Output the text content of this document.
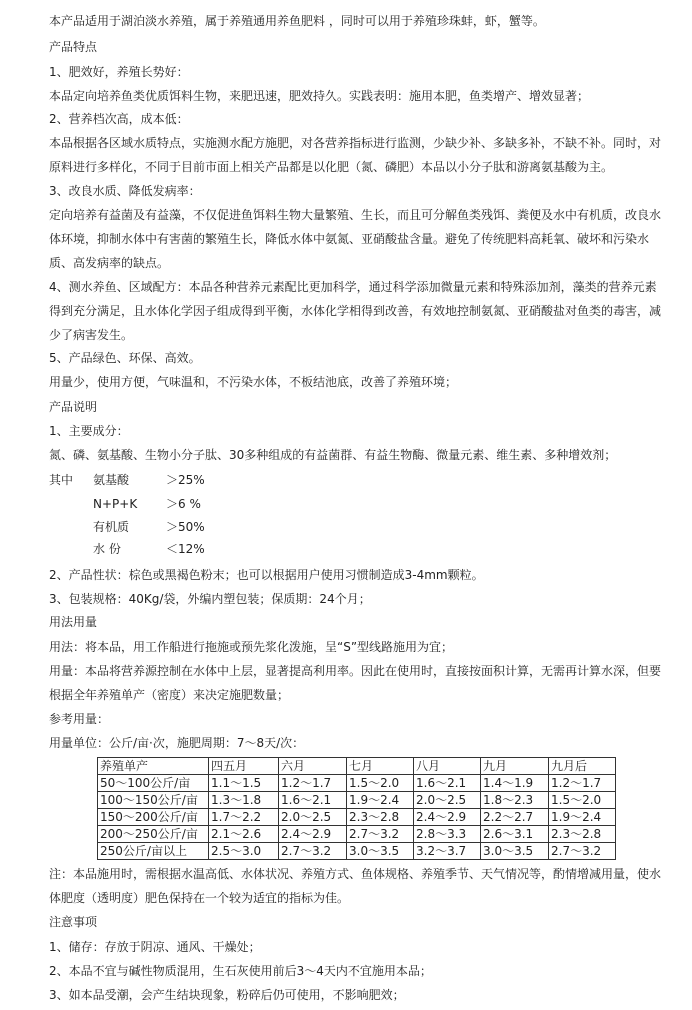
本产品适用于湖泊淡水养殖，属于养殖通用养鱼肥料 ，同时可以用于养殖珍珠蚌，虾，蟹等。
产品特点
1、肥效好，养殖长势好：
本品定向培养鱼类优质饵料生物，来肥迅速，肥效持久。实践表明：施用本肥，鱼类增产、增效显著；
2、营养档次高，成本低：
本品根据各区域水质特点，实施测水配方施肥，对各营养指标进行监测，少缺少补、多缺多补，不缺不补。同时，对
原料进行多样化，不同于目前市面上相关产品都是以化肥（氮、磷肥）本品以小分子肽和游离氨基酸为主。
3、改良水质、降低发病率：
定向培养有益菌及有益藻，不仅促进鱼饵料生物大量繁殖、生长，而且可分解鱼类残饵、粪便及水中有机质，改良水
体环境，抑制水体中有害菌的繁殖生长，降低水体中氨氮、亚硝酸盐含量。避免了传统肥料高耗氧、破坏和污染水
质、高发病率的缺点。
4、测水养鱼、区域配方：本品各种营养元素配比更加科学，通过科学添加微量元素和特殊添加剂，藻类的营养元素
得到充分满足，且水体化学因子组成得到平衡，水体化学相得到改善，有效地控制氨氮、亚硝酸盐对鱼类的毒害，减
少了病害发生。
5、产品绿色、环保、高效。
用量少，使用方便，气味温和，不污染水体，不板结池底，改善了养殖环境；
产品说明
1、主要成分：
氮、磷、氨基酸、生物小分子肽、30多种组成的有益菌群、有益生物酶、微量元素、维生素、多种增效剂；
其中 氨基酸	＞25%
N+P+K ＞6 %
有机质	＞50%
水 份	＜12%
2、产品性状：棕色或黑褐色粉末；也可以根据用户使用习惯制造成3-4mm颗粒。
3、包装规格：40Kg/袋，外编内塑包装；保质期：24个月；
用法用量
用法：将本品，用工作船进行拖施或预先浆化泼施，呈“S”型线路施用为宜；
用量：本品将营养源控制在水体中上层，显著提高利用率。因此在使用时，直接按面积计算，无需再计算水深，但要
根据全年养殖单产（密度）来决定施肥数量；
参考用量：
用量单位：公斤/亩·次，施肥周期：7～8天/次：
养殖单产	四五月	六月	七月	八月	九月	九月后
50～100公斤/亩	1.1～1.5	1.2～1.7	1.5～2.0	1.6～2.1	1.4～1.9	1.2～1.7
100～150公斤/亩	1.3～1.8	1.6～2.1	1.9～2.4	2.0～2.5	1.8～2.3	1.5～2.0
150～200公斤/亩	1.7～2.2	2.0～2.5	2.3～2.8	2.4～2.9	2.2～2.7	1.9～2.4
200～250公斤/亩	2.1～2.6	2.4～2.9	2.7～3.2	2.8～3.3	2.6～3.1	2.3～2.8
250公斤/亩以上	2.5～3.0	2.7～3.2	3.0～3.5	3.2～3.7	3.0～3.5	2.7～3.2
注：本品施用时，需根据水温高低、水体状况、养殖方式、鱼体规格、养殖季节、天气情况等，酌情增减用量，使水
体肥度（透明度）肥色保持在一个较为适宜的指标为佳。
注意事项
1、储存：存放于阴凉、通风、干燥处；
2、本品不宜与碱性物质混用，生石灰使用前后3～4天内不宜施用本品；
3、如本品受潮，会产生结块现象，粉碎后仍可使用，不影响肥效；
